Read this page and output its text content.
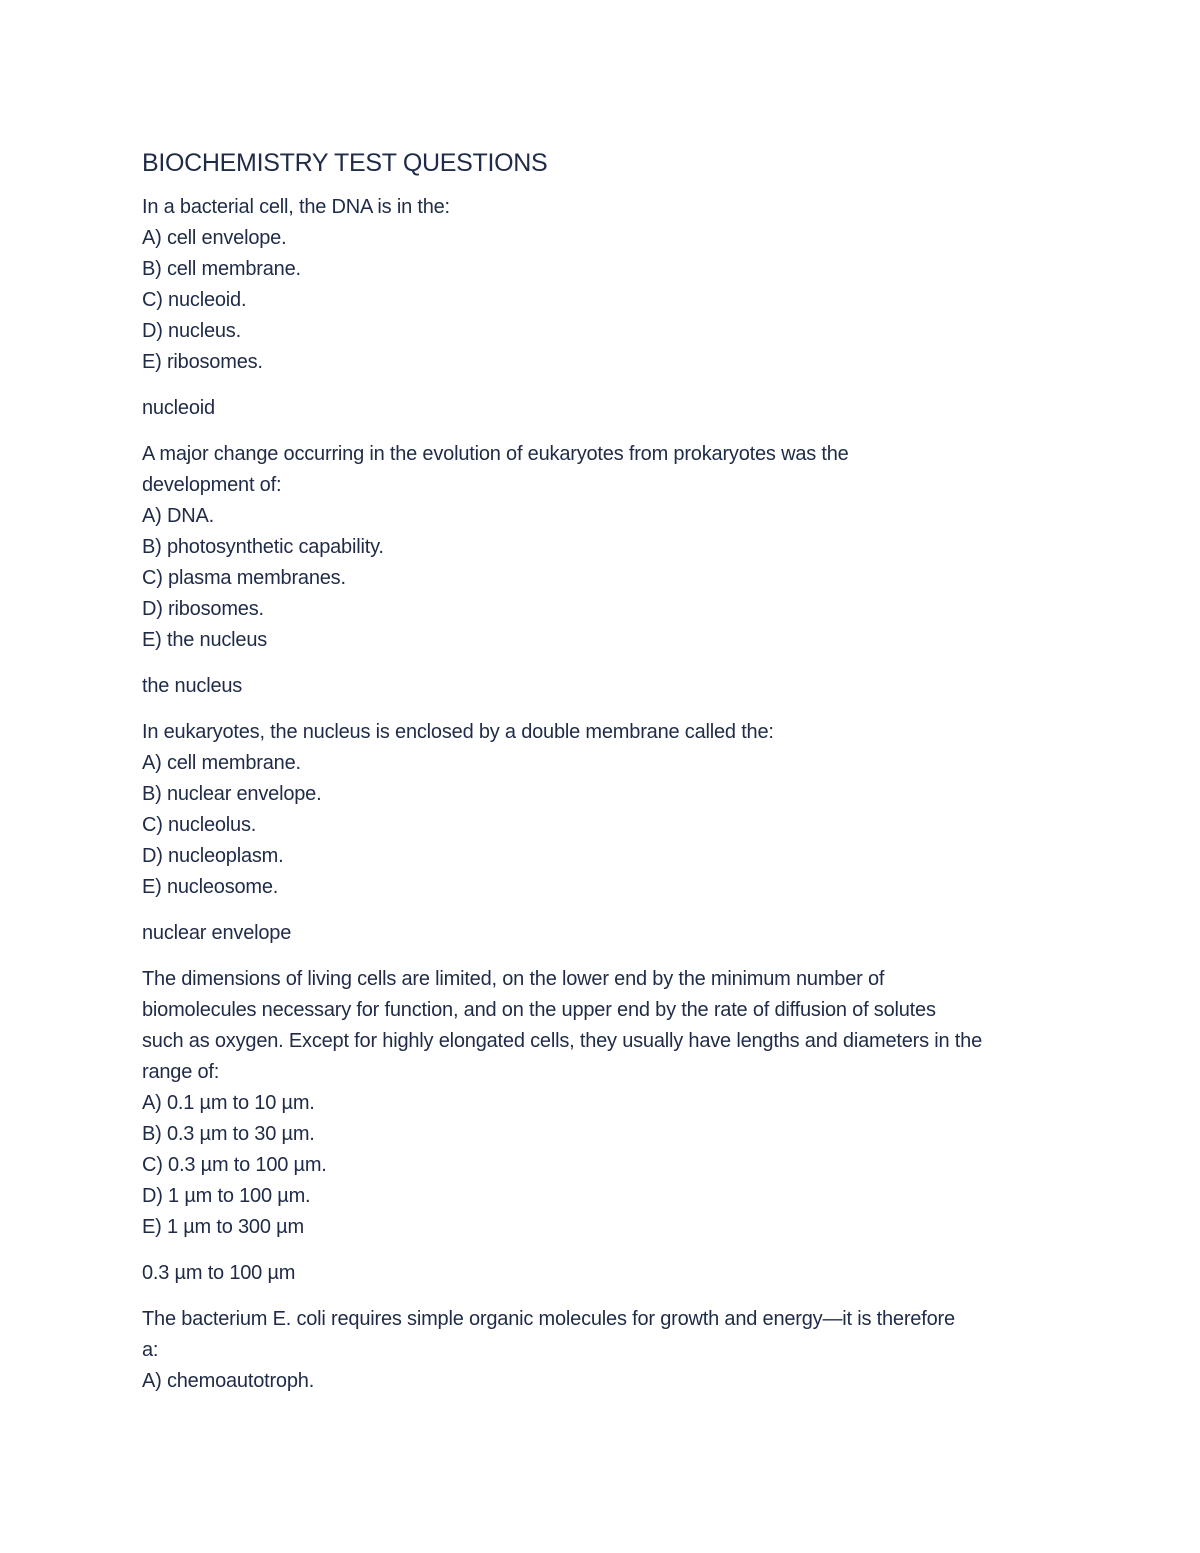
BIOCHEMISTRY TEST QUESTIONS
In a bacterial cell, the DNA is in the:
A) cell envelope.
B) cell membrane.
C) nucleoid.
D) nucleus.
E) ribosomes.
nucleoid
A major change occurring in the evolution of eukaryotes from prokaryotes was the
development of:
A) DNA.
B) photosynthetic capability.
C) plasma membranes.
D) ribosomes.
E) the nucleus
the nucleus
In eukaryotes, the nucleus is enclosed by a double membrane called the:
A) cell membrane.
B) nuclear envelope.
C) nucleolus.
D) nucleoplasm.
E) nucleosome.
nuclear envelope
The dimensions of living cells are limited, on the lower end by the minimum number of
biomolecules necessary for function, and on the upper end by the rate of diffusion of solutes
such as oxygen. Except for highly elongated cells, they usually have lengths and diameters in the
range of:
A) 0.1 µm to 10 µm.
B) 0.3 µm to 30 µm.
C) 0.3 µm to 100 µm.
D) 1 µm to 100 µm.
E) 1 µm to 300 µm
0.3 µm to 100 µm
The bacterium E. coli requires simple organic molecules for growth and energy—it is therefore
a:
A) chemoautotroph.
